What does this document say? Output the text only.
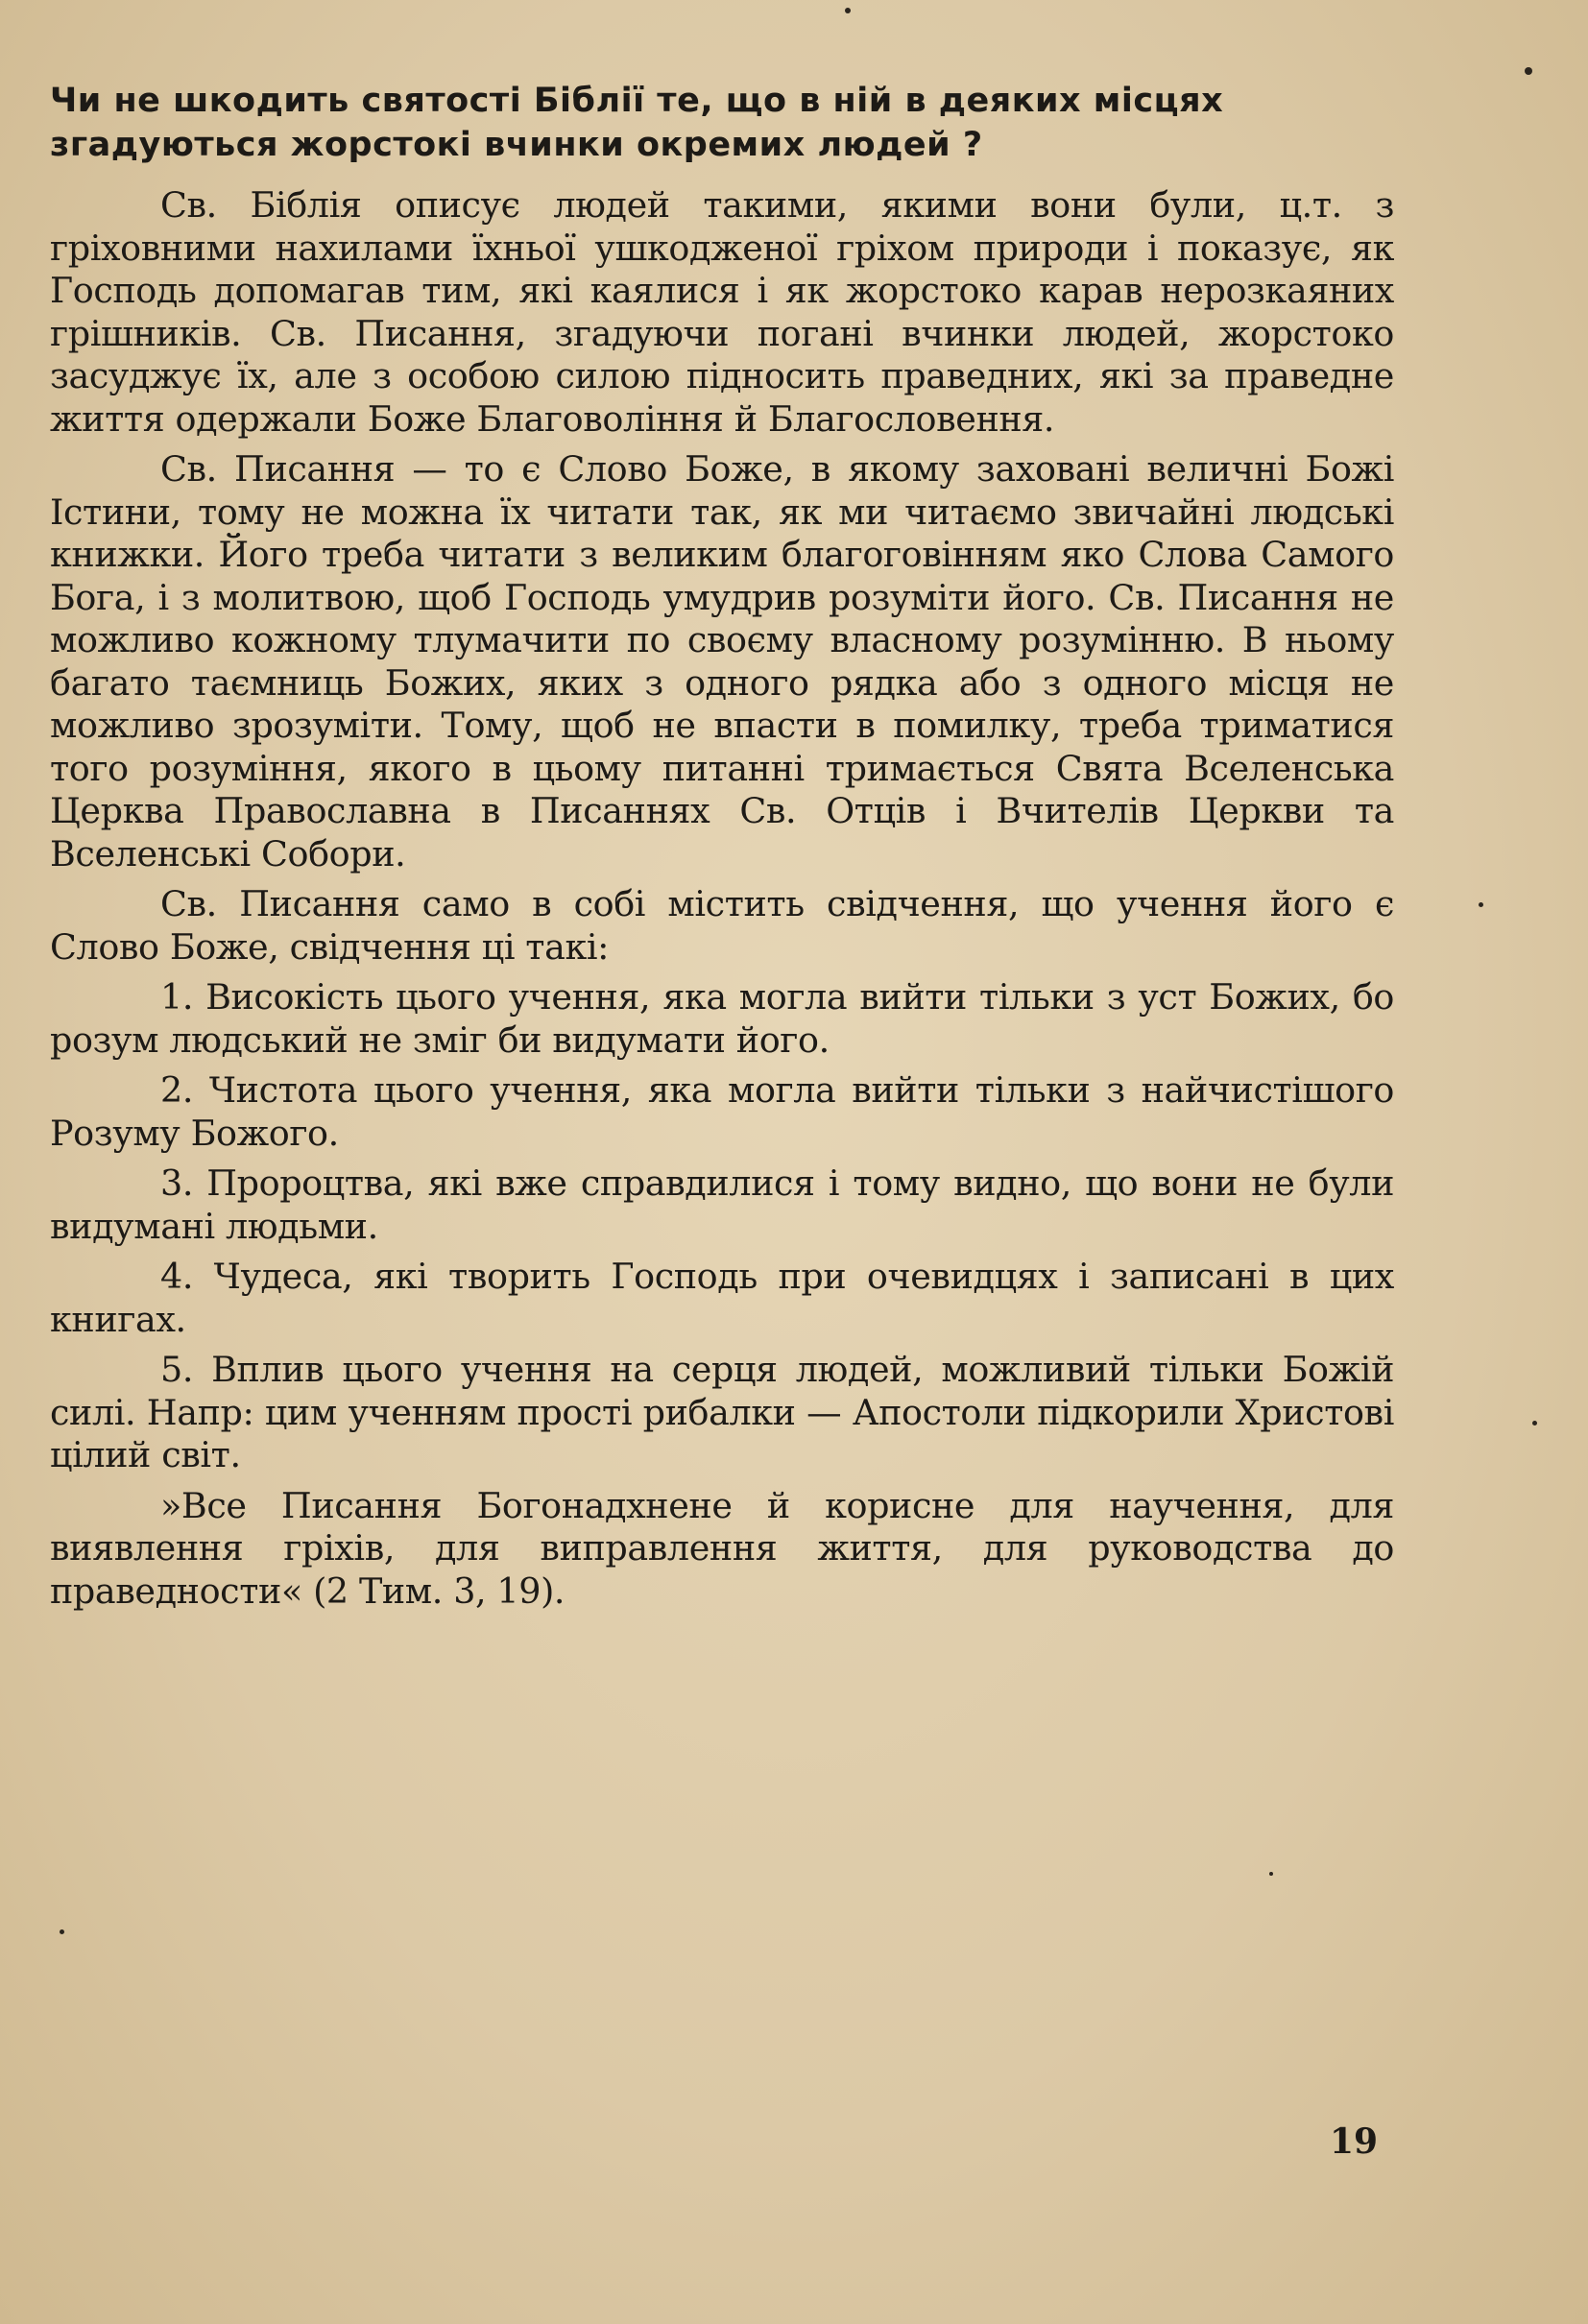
Чи не шкодить святості Біблії те, що в ній в деяких місцях згадуються жорстокі вчинки окремих людей ?

Св. Біблія описує людей такими, якими вони були, ц.т. з гріховними нахилами їхньої ушкодженої гріхом природи і показує, як Господь допомагав тим, які каялися і як жорстоко карав нерозкаяних грішників. Св. Писання, згадуючи погані вчинки людей, жорстоко засуджує їх, але з особою силою підносить праведних, які за праведне життя одержали Боже Благовоління й Благословення.

Св. Писання — то є Слово Боже, в якому заховані величні Божі Істини, тому не можна їх читати так, як ми читаємо звичайні людські книжки. Його треба читати з великим благоговінням яко Слова Самого Бога, і з молитвою, щоб Господь умудрив розуміти його. Св. Писання не можливо кожному тлумачити по своєму власному розумінню. В ньому багато таємниць Божих, яких з одного рядка або з одного місця не можливо зрозуміти. Тому, щоб не впасти в помилку, треба триматися того розуміння, якого в цьому питанні тримається Свята Вселенська Церква Православна в Писаннях Св. Отців і Вчителів Церкви та Вселенські Собори.

Св. Писання само в собі містить свідчення, що учення його є Слово Боже, свідчення ці такі:

1. Високість цього учення, яка могла вийти тільки з уст Божих, бо розум людський не зміг би видумати його.

2. Чистота цього учення, яка могла вийти тільки з найчистішого Розуму Божого.

3. Пророцтва, які вже справдилися і тому видно, що вони не були видумані людьми.

4. Чудеса, які творить Господь при очевидцях і записані в цих книгах.

5. Вплив цього учення на серця людей, можливий тільки Божій силі. Напр: цим ученням прості рибалки — Апостоли підкорили Христові цілий світ.

»Все Писання Богонадхнене й корисне для научення, для виявлення гріхів, для виправлення життя, для руководства до праведности« (2 Тим. 3, 19).

19
